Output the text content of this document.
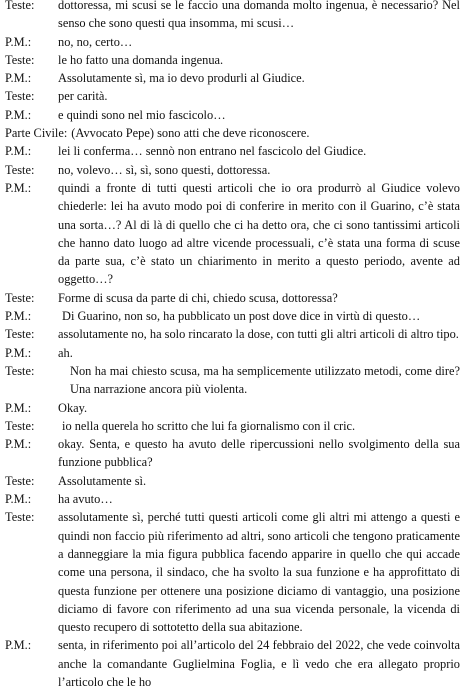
Teste:	dottoressa, mi scusi se le faccio una domanda molto ingenua, è necessario? Nel senso che sono questi qua insomma, mi scusi…
P.M.:	no, no, certo…
Teste:	le ho fatto una domanda ingenua.
P.M.:	Assolutamente sì, ma io devo produrli al Giudice.
Teste:	per carità.
P.M.:	e quindi sono nel mio fascicolo…
Parte Civile: (Avvocato Pepe) sono atti che deve riconoscere.
P.M.:	lei li conferma… sennò non entrano nel fascicolo del Giudice.
Teste:	no, volevo… sì, sì, sono questi, dottoressa.
P.M.:	quindi a fronte di tutti questi articoli che io ora produrrò al Giudice volevo chiederle: lei ha avuto modo poi di conferire in merito con il Guarino, c’è stata una sorta…? Al di là di quello che ci ha detto ora, che ci sono tantissimi articoli che hanno dato luogo ad altre vicende processuali, c’è stata una forma di scuse da parte sua, c’è stato un chiarimento in merito a questo periodo, avente ad oggetto…?
Teste:	Forme di scusa da parte di chi, chiedo scusa, dottoressa?
P.M.:	Di Guarino, non so, ha pubblicato un post dove dice in virtù di questo…
Teste:	assolutamente no, ha solo rincarato la dose, con tutti gli altri articoli di altro tipo.
P.M.:	ah.
Teste:	Non ha mai chiesto scusa, ma ha semplicemente utilizzato metodi, come dire? Una narrazione ancora più violenta.
P.M.:	Okay.
Teste:	io nella querela ho scritto che lui fa giornalismo con il cric.
P.M.:	okay. Senta, e questo ha avuto delle ripercussioni nello svolgimento della sua funzione pubblica?
Teste:	Assolutamente sì.
P.M.:	ha avuto…
Teste:	assolutamente sì, perché tutti questi articoli come gli altri mi attengo a questi e quindi non faccio più riferimento ad altri, sono articoli che tengono praticamente a danneggiare la mia figura pubblica facendo apparire in quello che qui accade come una persona, il sindaco, che ha svolto la sua funzione e ha approfittato di questa funzione per ottenere una posizione diciamo di vantaggio, una posizione diciamo di favore con riferimento ad una sua vicenda personale, la vicenda di questo recupero di sottotetto della sua abitazione.
P.M.:	senta, in riferimento poi all’articolo del 24 febbraio del 2022, che vede coinvolta anche la comandante Guglielmina Foglia, e lì vedo che era allegato proprio l’articolo che le ho
